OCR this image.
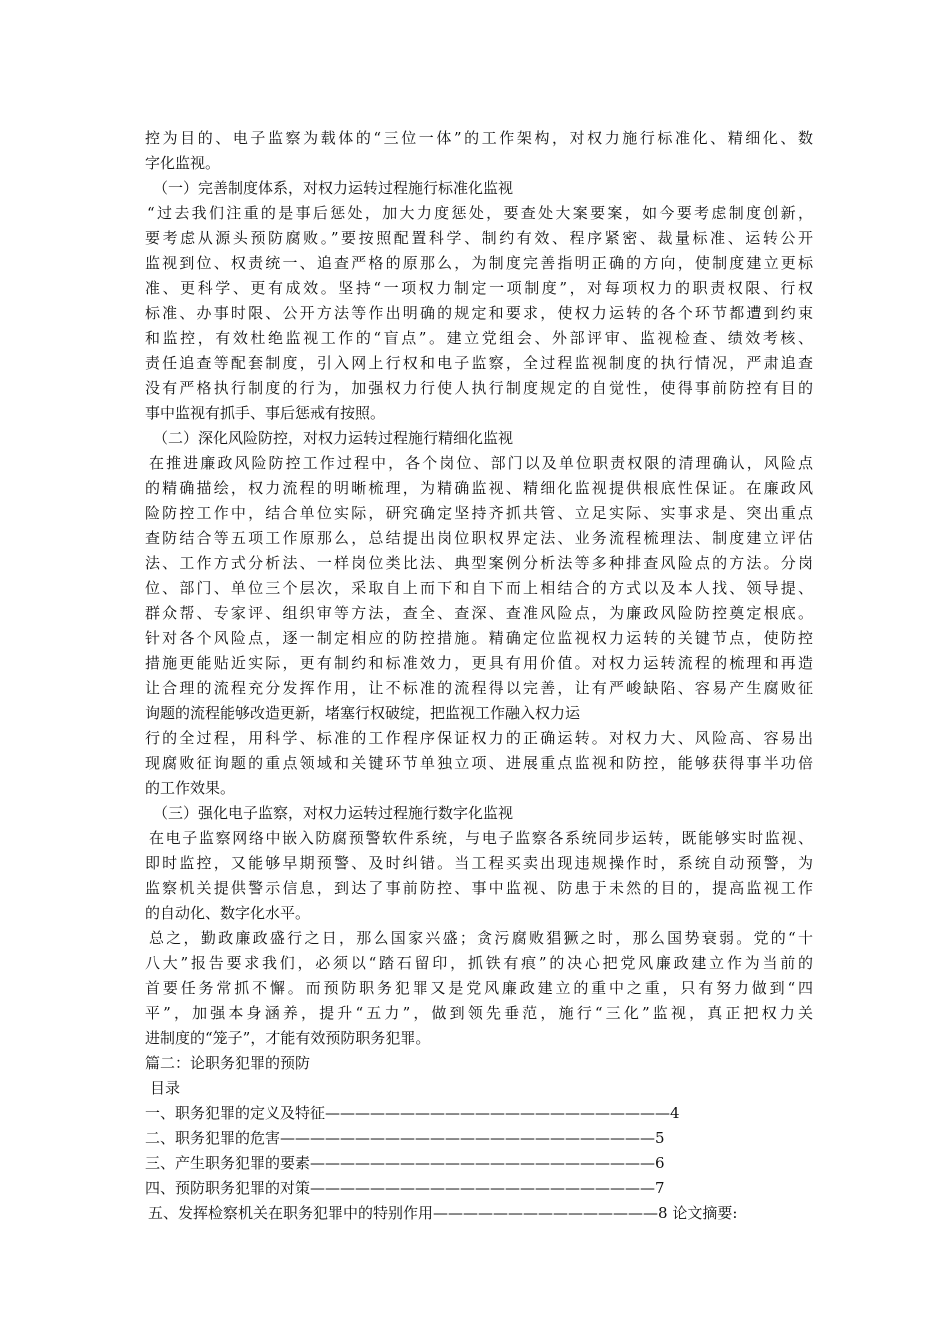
控为目的、电子监察为载体的“三位一体”的工作架构，对权力施行标准化、精细化、数
字化监视。
（一）完善制度体系，对权力运转过程施行标准化监视
“过去我们注重的是事后惩处，加大力度惩处，要查处大案要案，如今要考虑制度创新，
要考虑从源头预防腐败。”要按照配置科学、制约有效、程序紧密、裁量标准、运转公开
监视到位、权责统一、追查严格的原那么，为制度完善指明正确的方向，使制度建立更标
准、更科学、更有成效。坚持“一项权力制定一项制度”，对每项权力的职责权限、行权
标准、办事时限、公开方法等作出明确的规定和要求，使权力运转的各个环节都遭到约束
和监控，有效杜绝监视工作的“盲点”。建立党组会、外部评审、监视检查、绩效考核、
责任追查等配套制度，引入网上行权和电子监察，全过程监视制度的执行情况，严肃追查
没有严格执行制度的行为，加强权力行使人执行制度规定的自觉性，使得事前防控有目的
事中监视有抓手、事后惩戒有按照。
（二）深化风险防控，对权力运转过程施行精细化监视
在推进廉政风险防控工作过程中，各个岗位、部门以及单位职责权限的清理确认，风险点
的精确描绘，权力流程的明晰梳理，为精确监视、精细化监视提供根底性保证。在廉政风
险防控工作中，结合单位实际，研究确定坚持齐抓共管、立足实际、实事求是、突出重点
查防结合等五项工作原那么，总结提出岗位职权界定法、业务流程梳理法、制度建立评估
法、工作方式分析法、一样岗位类比法、典型案例分析法等多种排查风险点的方法。分岗
位、部门、单位三个层次，采取自上而下和自下而上相结合的方式以及本人找、领导提、
群众帮、专家评、组织审等方法，查全、查深、查准风险点，为廉政风险防控奠定根底。
针对各个风险点，逐一制定相应的防控措施。精确定位监视权力运转的关键节点，使防控
措施更能贴近实际，更有制约和标准效力，更具有用价值。对权力运转流程的梳理和再造
让合理的流程充分发挥作用，让不标准的流程得以完善，让有严峻缺陷、容易产生腐败征
询题的流程能够改造更新，堵塞行权破绽，把监视工作融入权力运
行的全过程，用科学、标准的工作程序保证权力的正确运转。对权力大、风险高、容易出
现腐败征询题的重点领域和关键环节单独立项、进展重点监视和防控，能够获得事半功倍
的工作效果。
（三）强化电子监察，对权力运转过程施行数字化监视
在电子监察网络中嵌入防腐预警软件系统，与电子监察各系统同步运转，既能够实时监视、
即时监控，又能够早期预警、及时纠错。当工程买卖出现违规操作时，系统自动预警，为
监察机关提供警示信息，到达了事前防控、事中监视、防患于未然的目的，提高监视工作
的自动化、数字化水平。
总之，勤政廉政盛行之日，那么国家兴盛；贪污腐败猖獗之时，那么国势衰弱。党的“十
八大”报告要求我们，必须以“踏石留印，抓铁有痕”的决心把党风廉政建立作为当前的
首要任务常抓不懈。而预防职务犯罪又是党风廉政建立的重中之重，只有努力做到“四
平”，加强本身涵养，提升“五力”，做到领先垂范，施行“三化”监视，真正把权力关
进制度的“笼子”，才能有效预防职务犯罪。
篇二：论职务犯罪的预防
目录
一、职务犯罪的定义及特征———————————————————————4
二、职务犯罪的危害—————————————————————————5
三、产生职务犯罪的要素———————————————————————6
四、预防职务犯罪的对策———————————————————————7
五、发挥检察机关在职务犯罪中的特别作用———————————————8 论文摘要:
